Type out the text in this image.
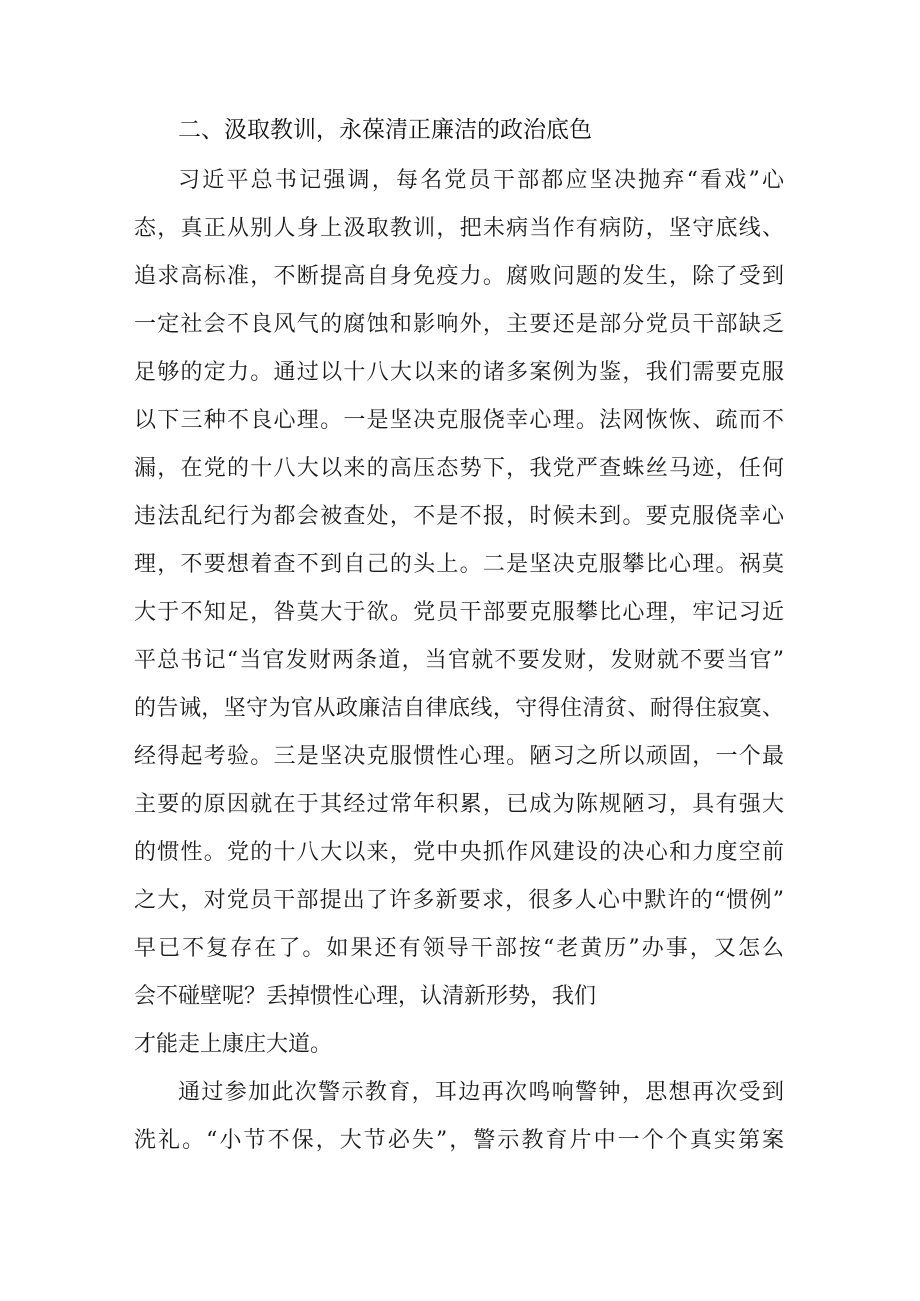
二、汲取教训，永葆清正廉洁的政治底色
习近平总书记强调，每名党员干部都应坚决抛弃“看戏”心
态，真正从别人身上汲取教训，把未病当作有病防，坚守底线、
追求高标准，不断提高自身免疫力。腐败问题的发生，除了受到
一定社会不良风气的腐蚀和影响外，主要还是部分党员干部缺乏
足够的定力。通过以十八大以来的诸多案例为鉴，我们需要克服
以下三种不良心理。一是坚决克服侥幸心理。法网恢恢、疏而不
漏，在党的十八大以来的高压态势下，我党严查蛛丝马迹，任何
违法乱纪行为都会被查处，不是不报，时候未到。要克服侥幸心
理，不要想着查不到自己的头上。二是坚决克服攀比心理。祸莫
大于不知足，咎莫大于欲。党员干部要克服攀比心理，牢记习近
平总书记“当官发财两条道，当官就不要发财，发财就不要当官”
的告诫，坚守为官从政廉洁自律底线，守得住清贫、耐得住寂寞、
经得起考验。三是坚决克服惯性心理。陋习之所以顽固，一个最
主要的原因就在于其经过常年积累，已成为陈规陋习，具有强大
的惯性。党的十八大以来，党中央抓作风建设的决心和力度空前
之大，对党员干部提出了许多新要求，很多人心中默许的“惯例”
早已不复存在了。如果还有领导干部按“老黄历”办事，又怎么
会不碰壁呢？丢掉惯性心理，认清新形势，我们
才能走上康庄大道。
通过参加此次警示教育，耳边再次鸣响警钟，思想再次受到
洗礼。“小节不保，大节必失”，警示教育片中一个个真实第案
